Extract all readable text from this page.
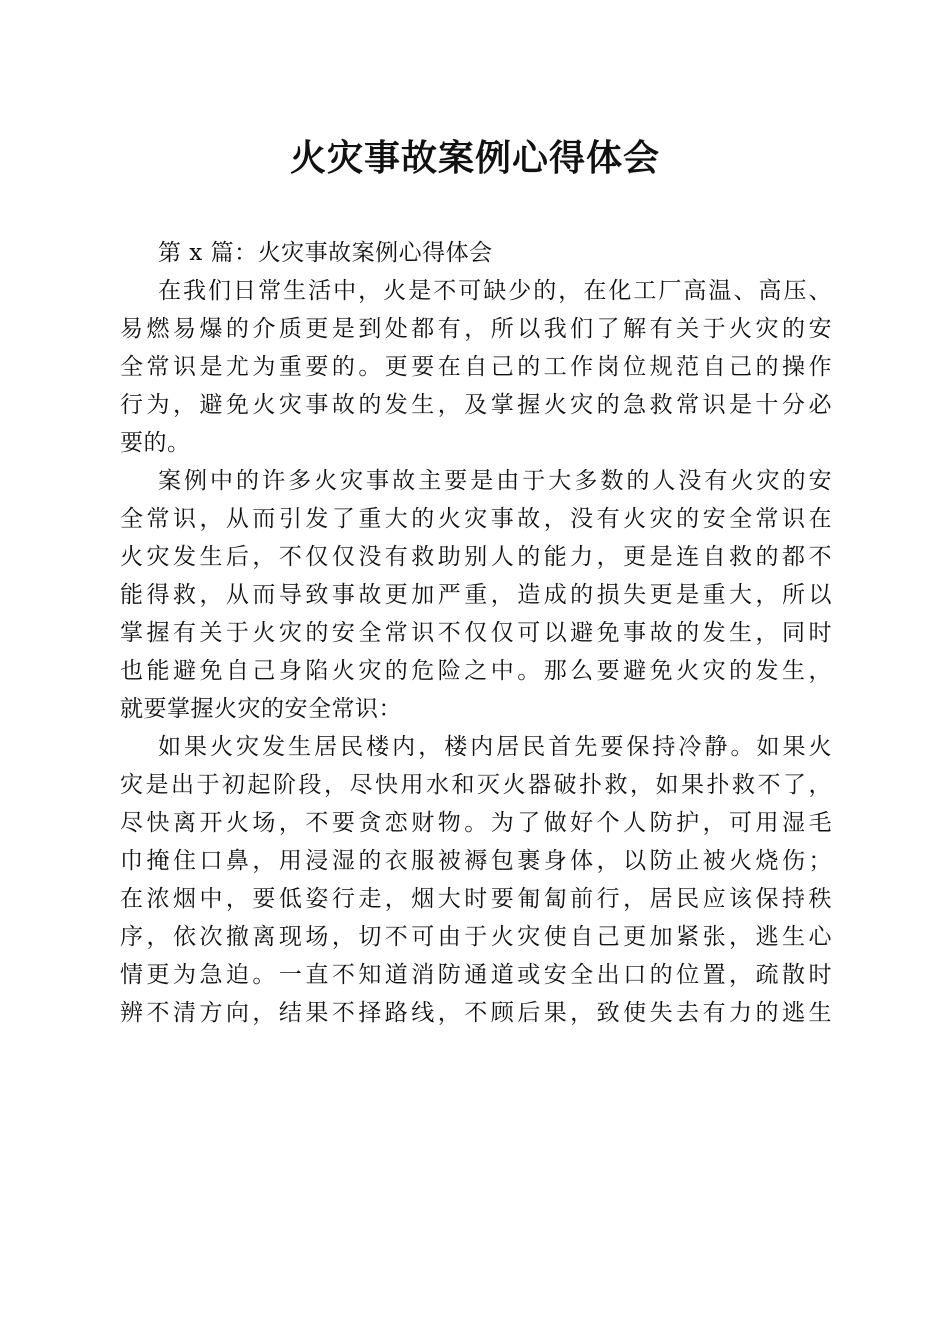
火灾事故案例心得体会
第 x 篇：火灾事故案例心得体会
在我们日常生活中，火是不可缺少的，在化工厂高温、高压、
易燃易爆的介质更是到处都有，所以我们了解有关于火灾的安
全常识是尤为重要的。更要在自己的工作岗位规范自己的操作
行为，避免火灾事故的发生，及掌握火灾的急救常识是十分必
要的。
案例中的许多火灾事故主要是由于大多数的人没有火灾的安
全常识，从而引发了重大的火灾事故，没有火灾的安全常识在
火灾发生后，不仅仅没有救助别人的能力，更是连自救的都不
能得救，从而导致事故更加严重，造成的损失更是重大，所以
掌握有关于火灾的安全常识不仅仅可以避免事故的发生，同时
也能避免自己身陷火灾的危险之中。那么要避免火灾的发生，
就要掌握火灾的安全常识：
如果火灾发生居民楼内，楼内居民首先要保持冷静。如果火
灾是出于初起阶段，尽快用水和灭火器破扑救，如果扑救不了，
尽快离开火场，不要贪恋财物。为了做好个人防护，可用湿毛
巾掩住口鼻，用浸湿的衣服被褥包裹身体，以防止被火烧伤；
在浓烟中，要低姿行走，烟大时要匍匐前行，居民应该保持秩
序，依次撤离现场，切不可由于火灾使自己更加紧张，逃生心
情更为急迫。一直不知道消防通道或安全出口的位置，疏散时
辨不清方向，结果不择路线，不顾后果，致使失去有力的逃生
